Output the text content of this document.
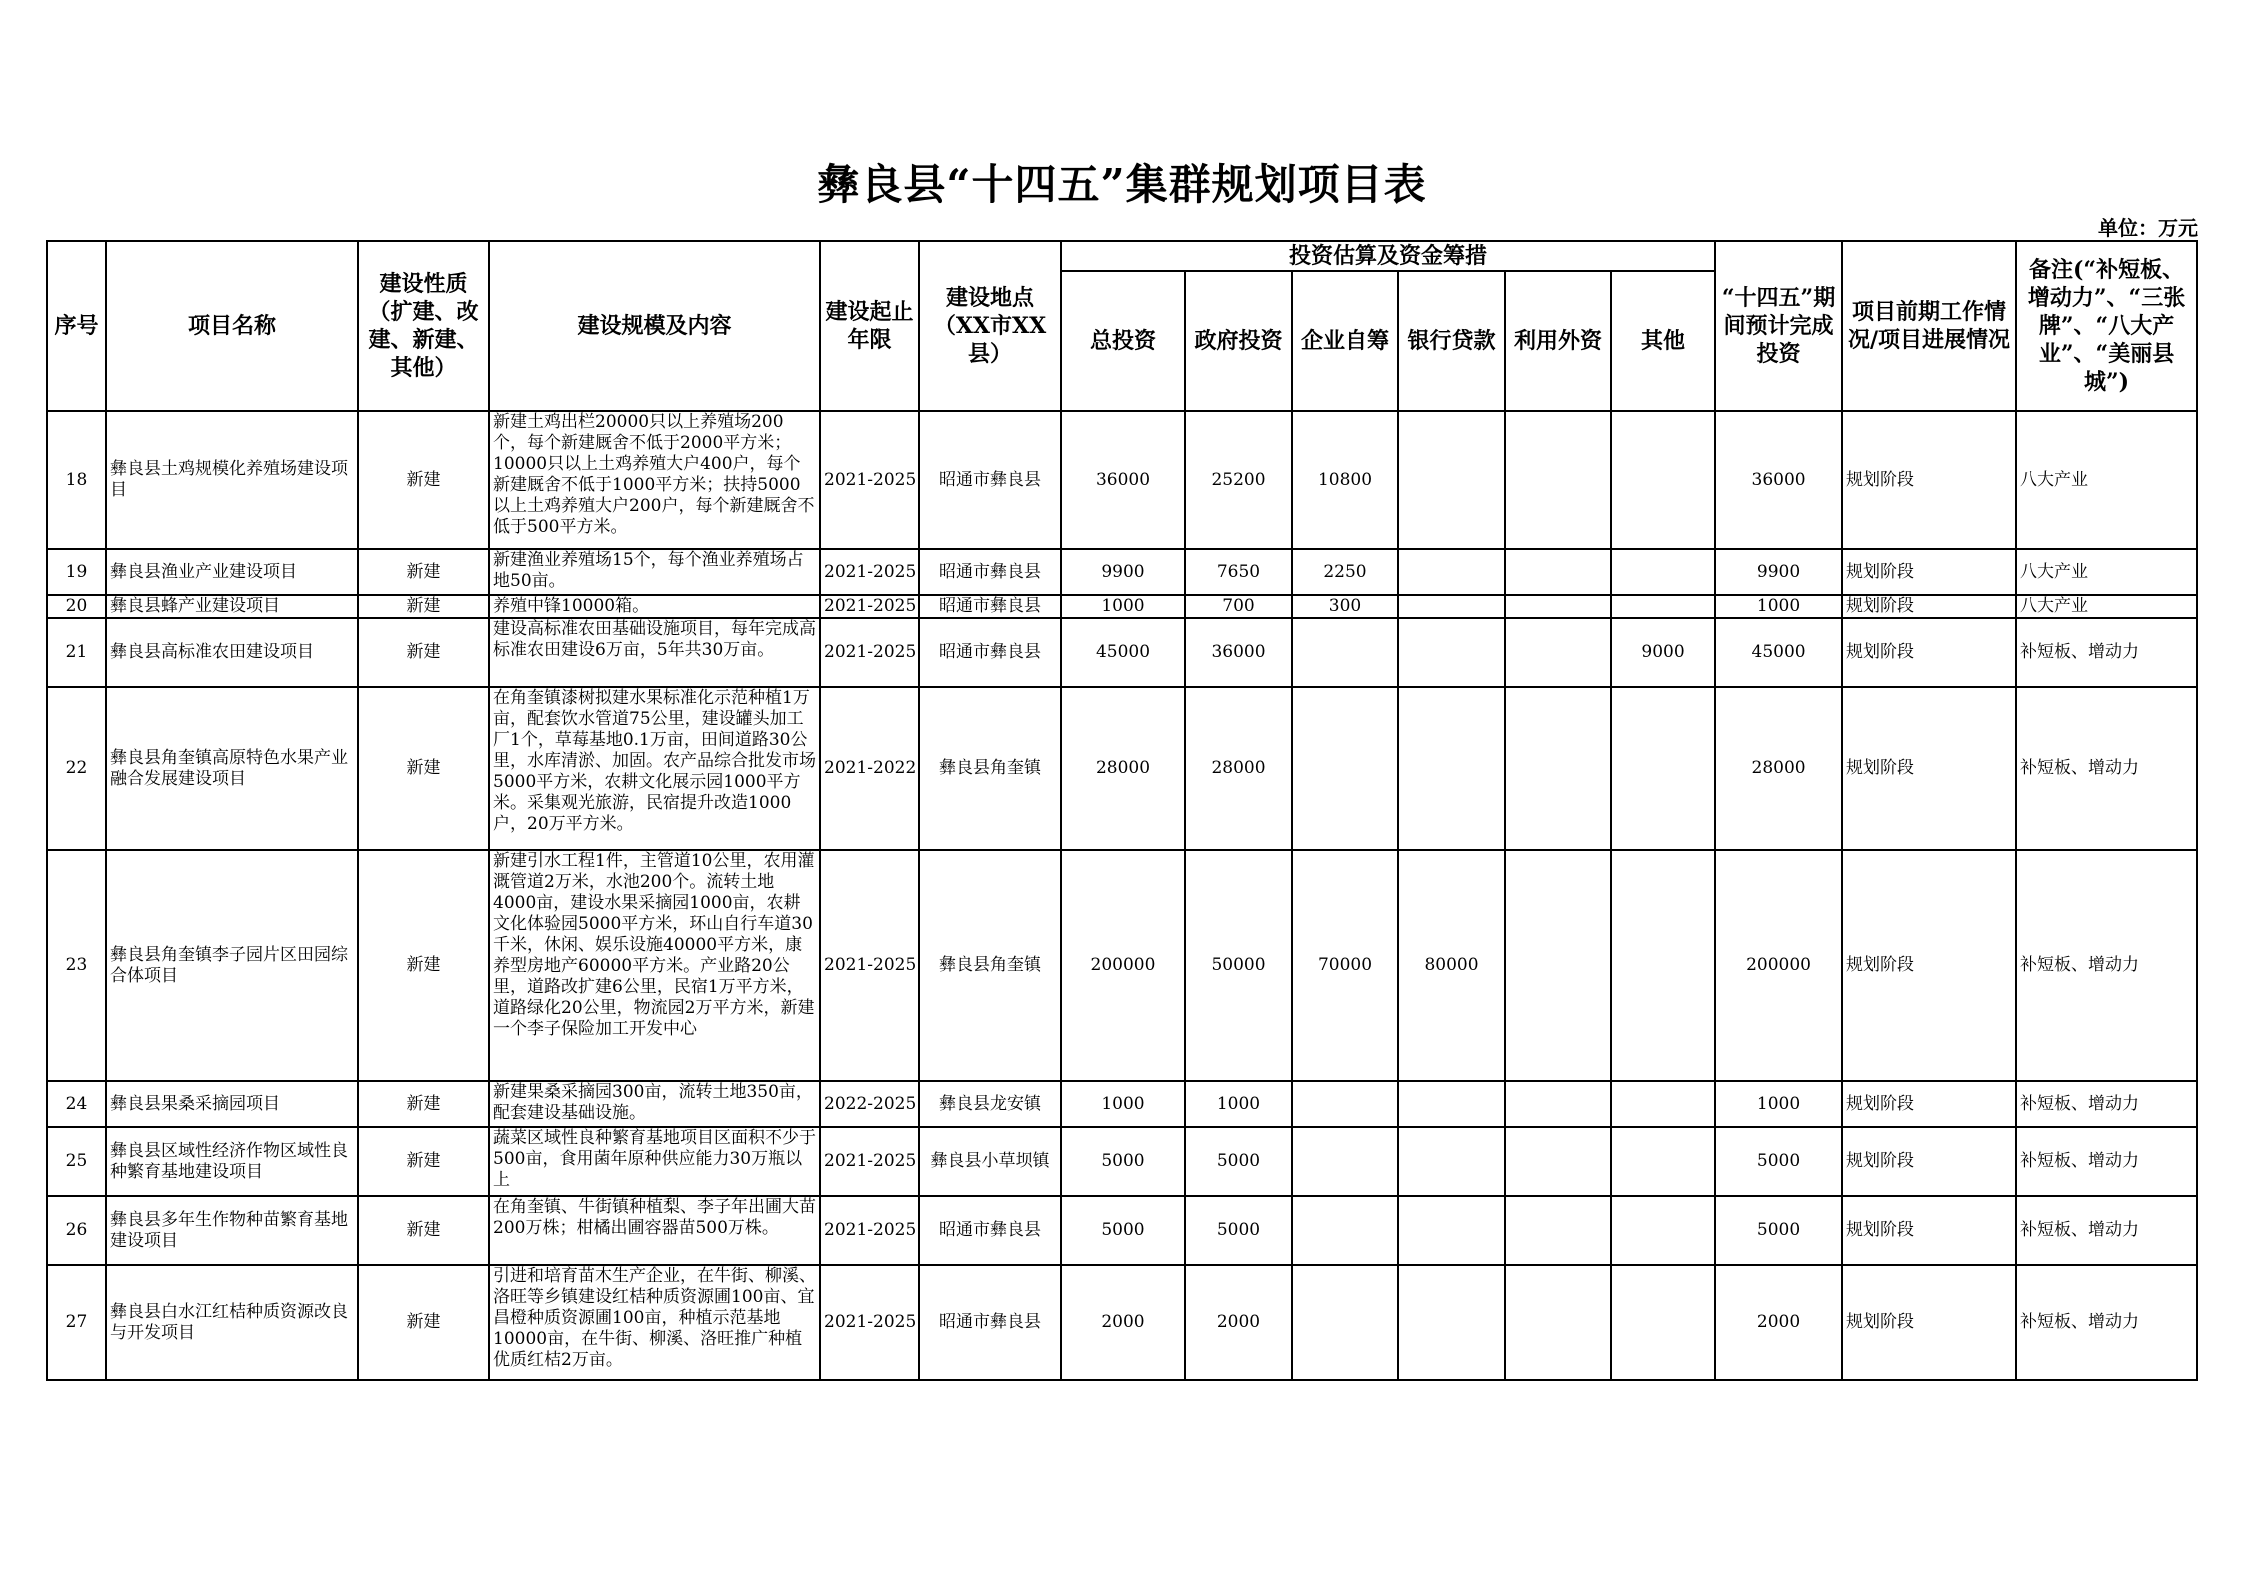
彝良县“十四五”集群规划项目表
单位：万元
序号	项目名称	建设性质（扩建、改建、新建、其他）	建设规模及内容	建设起止年限	建设地点（XX市XX县）	投资估算及资金筹措						“十四五”期间预计完成投资	项目前期工作情况/项目进展情况	备注(“补短板、增动力”、“三张牌”、“八大产业”、“美丽县城”)
						总投资	政府投资	企业自筹	银行贷款	利用外资	其他			
18	彝良县土鸡规模化养殖场建设项目	新建	新建土鸡出栏20000只以上养殖场200个，每个新建厩舍不低于2000平方米；10000只以上土鸡养殖大户400户，每个新建厩舍不低于1000平方米；扶持5000以上土鸡养殖大户200户，每个新建厩舍不低于500平方米。	2021-2025	昭通市彝良县	36000	25200	10800				36000	规划阶段	八大产业
19	彝良县渔业产业建设项目	新建	新建渔业养殖场15个，每个渔业养殖场占地50亩。	2021-2025	昭通市彝良县	9900	7650	2250				9900	规划阶段	八大产业
20	彝良县蜂产业建设项目	新建	养殖中锋10000箱。	2021-2025	昭通市彝良县	1000	700	300				1000	规划阶段	八大产业
21	彝良县高标准农田建设项目	新建	建设高标准农田基础设施项目，每年完成高标准农田建设6万亩，5年共30万亩。	2021-2025	昭通市彝良县	45000	36000				9000	45000	规划阶段	补短板、增动力
22	彝良县角奎镇高原特色水果产业融合发展建设项目	新建	在角奎镇漆树拟建水果标准化示范种植1万亩，配套饮水管道75公里，建设罐头加工厂1个，草莓基地0.1万亩，田间道路30公里，水库清淤、加固。农产品综合批发市场5000平方米，农耕文化展示园1000平方米。采集观光旅游，民宿提升改造1000户，20万平方米。	2021-2022	彝良县角奎镇	28000	28000					28000	规划阶段	补短板、增动力
23	彝良县角奎镇李子园片区田园综合体项目	新建	新建引水工程1件，主管道10公里，农用灌溉管道2万米，水池200个。流转土地4000亩，建设水果采摘园1000亩，农耕文化体验园5000平方米，环山自行车道30千米，休闲、娱乐设施40000平方米，康养型房地产60000平方米。产业路20公里，道路改扩建6公里，民宿1万平方米，道路绿化20公里，物流园2万平方米，新建一个李子保险加工开发中心	2021-2025	彝良县角奎镇	200000	50000	70000	80000			200000	规划阶段	补短板、增动力
24	彝良县果桑采摘园项目	新建	新建果桑采摘园300亩，流转土地350亩，配套建设基础设施。	2022-2025	彝良县龙安镇	1000	1000					1000	规划阶段	补短板、增动力
25	彝良县区域性经济作物区域性良种繁育基地建设项目	新建	蔬菜区域性良种繁育基地项目区面积不少于500亩，食用菌年原种供应能力30万瓶以上	2021-2025	彝良县小草坝镇	5000	5000					5000	规划阶段	补短板、增动力
26	彝良县多年生作物种苗繁育基地建设项目	新建	在角奎镇、牛街镇种植梨、李子年出圃大苗200万株；柑橘出圃容器苗500万株。	2021-2025	昭通市彝良县	5000	5000					5000	规划阶段	补短板、增动力
27	彝良县白水江红桔种质资源改良与开发项目	新建	引进和培育苗木生产企业，在牛街、柳溪、洛旺等乡镇建设红桔种质资源圃100亩、宜昌橙种质资源圃100亩，种植示范基地10000亩，在牛街、柳溪、洛旺推广种植优质红桔2万亩。	2021-2025	昭通市彝良县	2000	2000					2000	规划阶段	补短板、增动力
